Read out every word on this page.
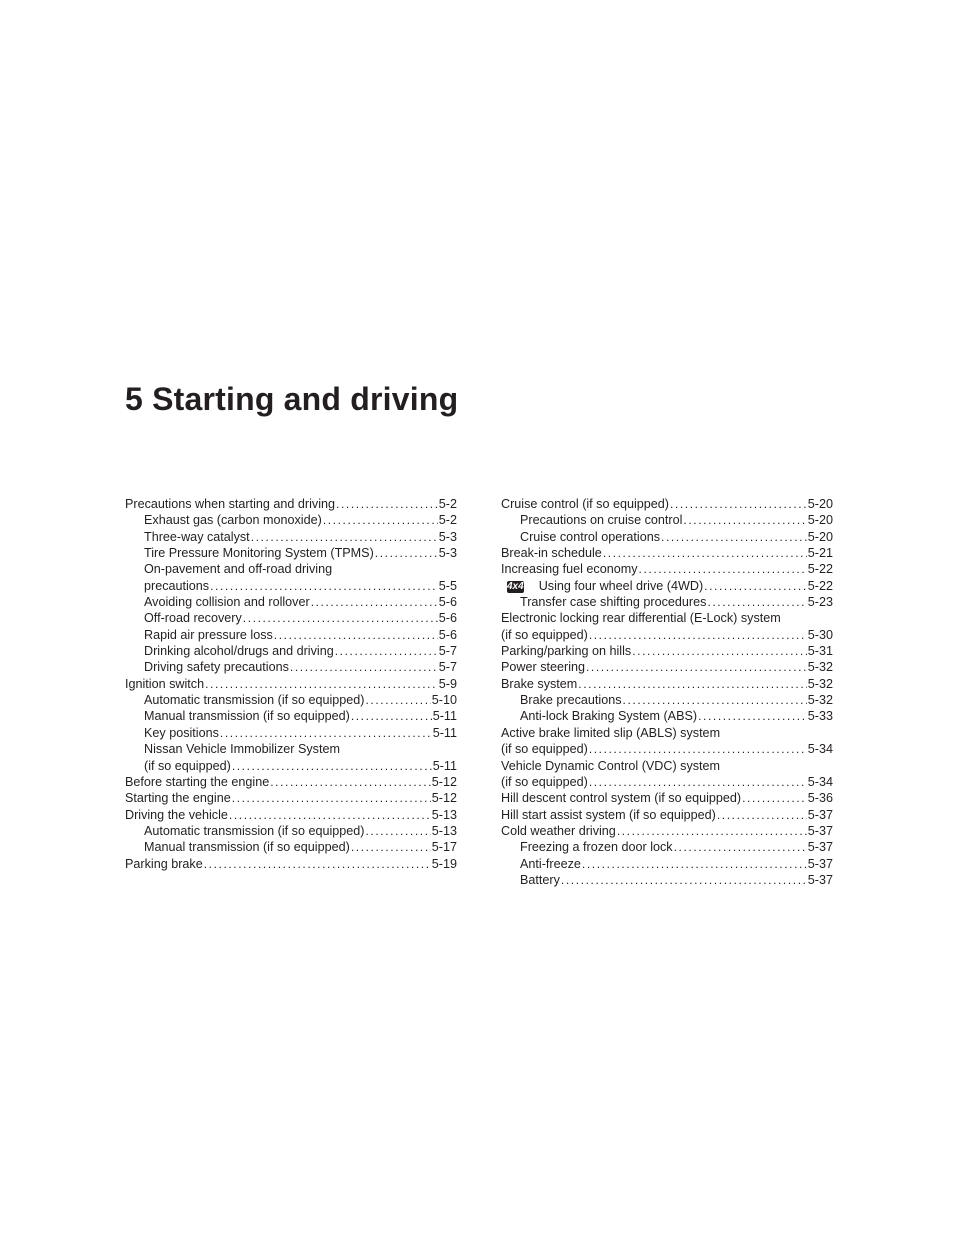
5 Starting and driving
Precautions when starting and driving .....	5-2
Exhaust gas (carbon monoxide) .....	5-2
Three-way catalyst .....	5-3
Tire Pressure Monitoring System (TPMS) .....	5-3
On-pavement and off-road driving
precautions .....	5-5
Avoiding collision and rollover .....	5-6
Off-road recovery .....	5-6
Rapid air pressure loss .....	5-6
Drinking alcohol/drugs and driving .....	5-7
Driving safety precautions .....	5-7
Ignition switch .....	5-9
Automatic transmission (if so equipped) .....	5-10
Manual transmission (if so equipped) .....	5-11
Key positions .....	5-11
Nissan Vehicle Immobilizer System
(if so equipped) .....	5-11
Before starting the engine .....	5-12
Starting the engine .....	5-12
Driving the vehicle .....	5-13
Automatic transmission (if so equipped) .....	5-13
Manual transmission (if so equipped) .....	5-17
Parking brake .....	5-19
Cruise control (if so equipped) .....	5-20
Precautions on cruise control .....	5-20
Cruise control operations .....	5-20
Break-in schedule .....	5-21
Increasing fuel economy .....	5-22
4x4 Using four wheel drive (4WD) .....	5-22
Transfer case shifting procedures .....	5-23
Electronic locking rear differential (E-Lock) system
(if so equipped) .....	5-30
Parking/parking on hills .....	5-31
Power steering .....	5-32
Brake system .....	5-32
Brake precautions .....	5-32
Anti-lock Braking System (ABS) .....	5-33
Active brake limited slip (ABLS) system
(if so equipped) .....	5-34
Vehicle Dynamic Control (VDC) system
(if so equipped) .....	5-34
Hill descent control system (if so equipped) .....	5-36
Hill start assist system (if so equipped) .....	5-37
Cold weather driving .....	5-37
Freezing a frozen door lock .....	5-37
Anti-freeze .....	5-37
Battery .....	5-37
